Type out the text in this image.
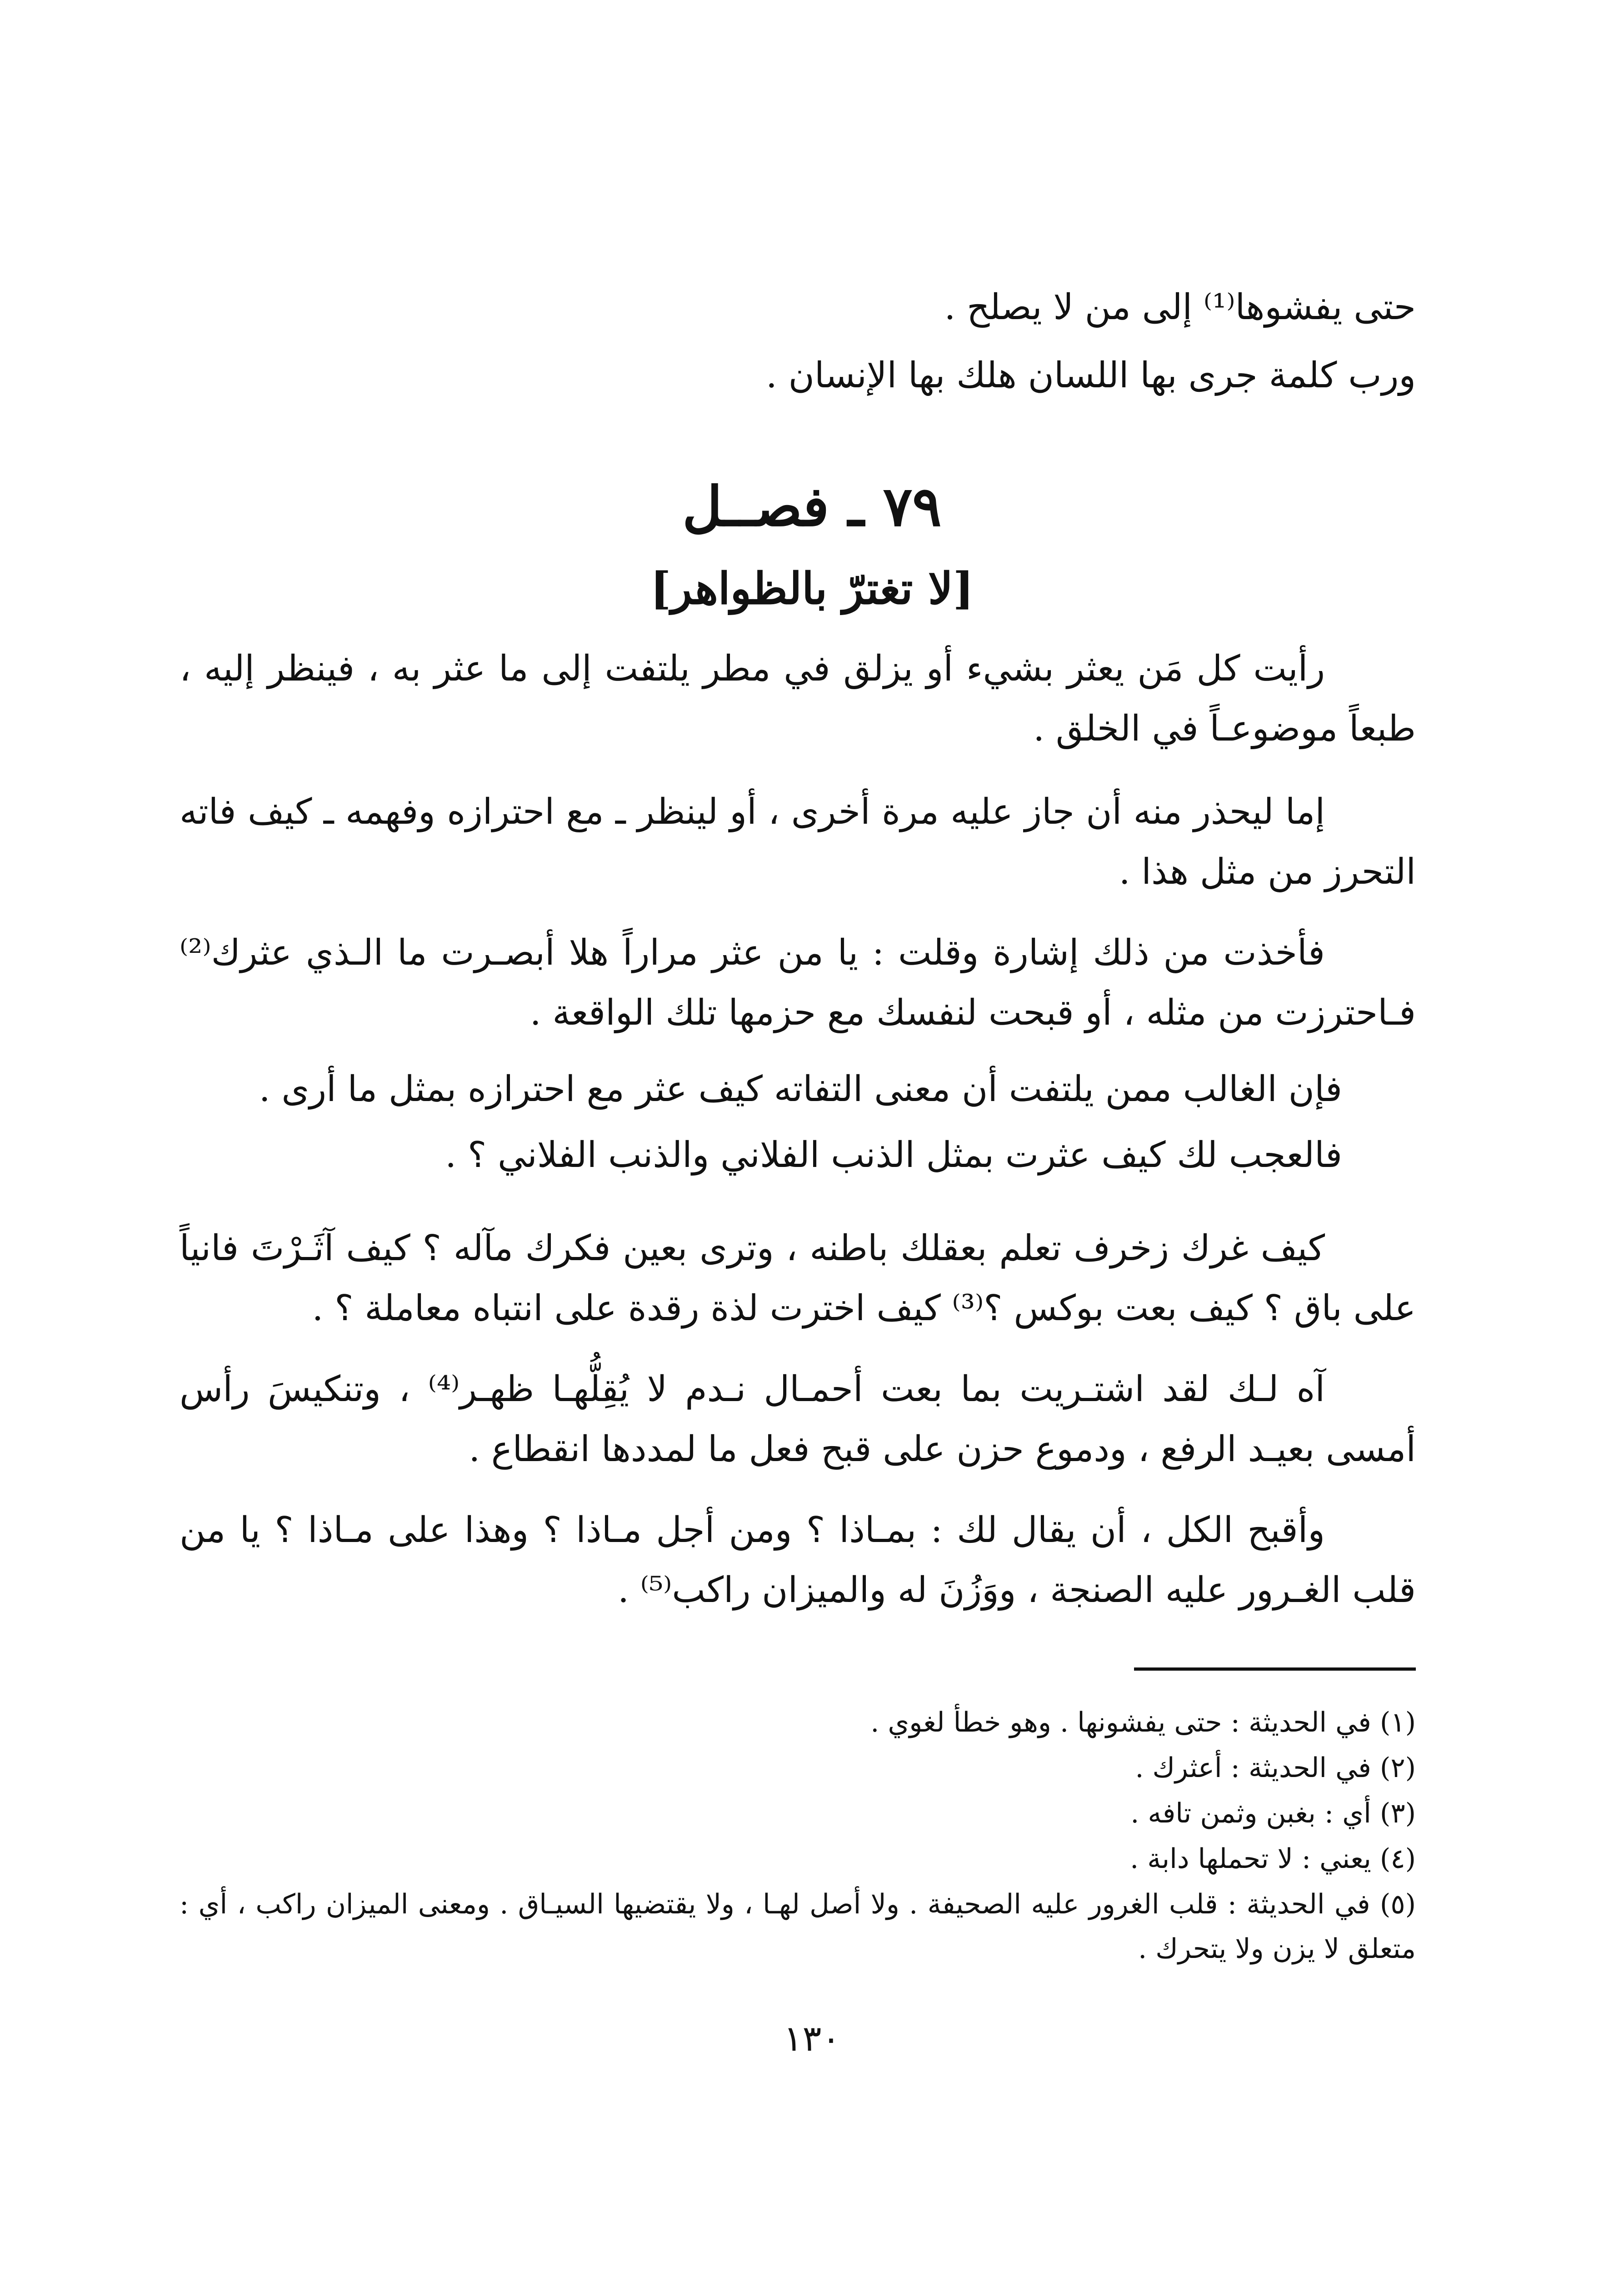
حتى يفشوها⁽¹⁾ إلى من لا يصلح .
ورب كلمة جرى بها اللسان هلك بها الإنسان .
٧٩ ـ فصــل
[لا تغترّ بالظواهر]
رأيت كل مَن يعثر بشيء أو يزلق في مطر يلتفت إلى ما عثر به ، فينظر إليه ، طبعاً موضوعـاً في الخلق .
إما ليحذر منه أن جاز عليه مرة أخرى ، أو لينظر ـ مع احترازه وفهمه ـ كيف فاته التحرز من مثل هذا .
فأخذت من ذلك إشارة وقلت : يا من عثر مراراً هلا أبصـرت ما الـذي عثرك⁽²⁾ فـاحترزت من مثله ، أو قبحت لنفسك مع حزمها تلك الواقعة .
فإن الغالب ممن يلتفت أن معنى التفاته كيف عثر مع احترازه بمثل ما أرى .
فالعجب لك كيف عثرت بمثل الذنب الفلاني والذنب الفلاني ؟ .
كيف غرك زخرف تعلم بعقلك باطنه ، وترى بعين فكرك مآله ؟ كيف آثَـرْتَ فانياً على باق ؟ كيف بعت بوكس ؟⁽³⁾ كيف اخترت لذة رقدة على انتباه معاملة ؟ .
آه لـك لقد اشتـريت بما بعت أحمـال نـدم لا يُقِلُّهـا ظهـر⁽⁴⁾ ، وتنكيسَ رأس أمسى بعيـد الرفع ، ودموع حزن على قبح فعل ما لمددها انقطاع .
وأقبح الكل ، أن يقال لك : بمـاذا ؟ ومن أجل مـاذا ؟ وهذا على مـاذا ؟ يا من قلب الغـرور عليه الصنجة ، ووَزُنَ له والميزان راكب⁽⁵⁾ .
(١) في الحديثة : حتى يفشونها . وهو خطأ لغوي .
(٢) في الحديثة : أعثرك .
(٣) أي : بغبن وثمن تافه .
(٤) يعني : لا تحملها دابة .
(٥) في الحديثة : قلب الغرور عليه الصحيفة . ولا أصل لهـا ، ولا يقتضيها السيـاق . ومعنى الميزان راكب ، أي : متعلق لا يزن ولا يتحرك .
١٣٠
